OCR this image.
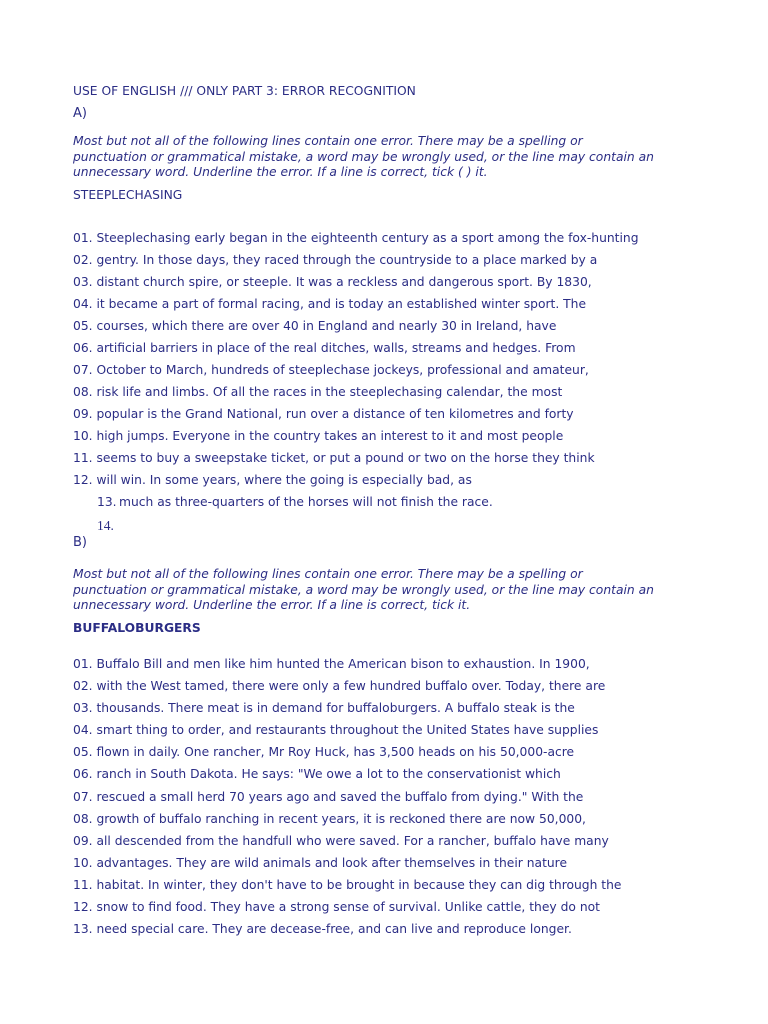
USE OF ENGLISH /// ONLY PART 3: ERROR RECOGNITION
A)
Most but not all of the following lines contain one error. There may be a spelling or
punctuation or grammatical mistake, a word may be wrongly used, or the line may contain an
unnecessary word. Underline the error. If a line is correct, tick ( ) it.
STEEPLECHASING
01. Steeplechasing early began in the eighteenth century as a sport among the fox-hunting
02. gentry. In those days, they raced through the countryside to a place marked by a
03. distant church spire, or steeple. It was a reckless and dangerous sport. By 1830,
04. it became a part of formal racing, and is today an established winter sport. The
05. courses, which there are over 40 in England and nearly 30 in Ireland, have
06. artificial barriers in place of the real ditches, walls, streams and hedges. From
07. October to March, hundreds of steeplechase jockeys, professional and amateur,
08. risk life and limbs. Of all the races in the steeplechasing calendar, the most
09. popular is the Grand National, run over a distance of ten kilometres and forty
10. high jumps. Everyone in the country takes an interest to it and most people
11. seems to buy a sweepstake ticket, or put a pound or two on the horse they think
12. will win. In some years, where the going is especially bad, as
13. much as three-quarters of the horses will not finish the race.
14.
B)
Most but not all of the following lines contain one error. There may be a spelling or
punctuation or grammatical mistake, a word may be wrongly used, or the line may contain an
unnecessary word. Underline the error. If a line is correct, tick it.
BUFFALOBURGERS
01. Buffalo Bill and men like him hunted the American bison to exhaustion. In 1900,
02. with the West tamed, there were only a few hundred buffalo over. Today, there are
03. thousands. There meat is in demand for buffaloburgers. A buffalo steak is the
04. smart thing to order, and restaurants throughout the United States have supplies
05. flown in daily. One rancher, Mr Roy Huck, has 3,500 heads on his 50,000-acre
06. ranch in South Dakota. He says: "We owe a lot to the conservationist which
07. rescued a small herd 70 years ago and saved the buffalo from dying." With the
08. growth of buffalo ranching in recent years, it is reckoned there are now 50,000,
09. all descended from the handfull who were saved. For a rancher, buffalo have many
10. advantages. They are wild animals and look after themselves in their nature
11. habitat. In winter, they don't have to be brought in because they can dig through the
12. snow to find food. They have a strong sense of survival. Unlike cattle, they do not
13. need special care. They are decease-free, and can live and reproduce longer.
